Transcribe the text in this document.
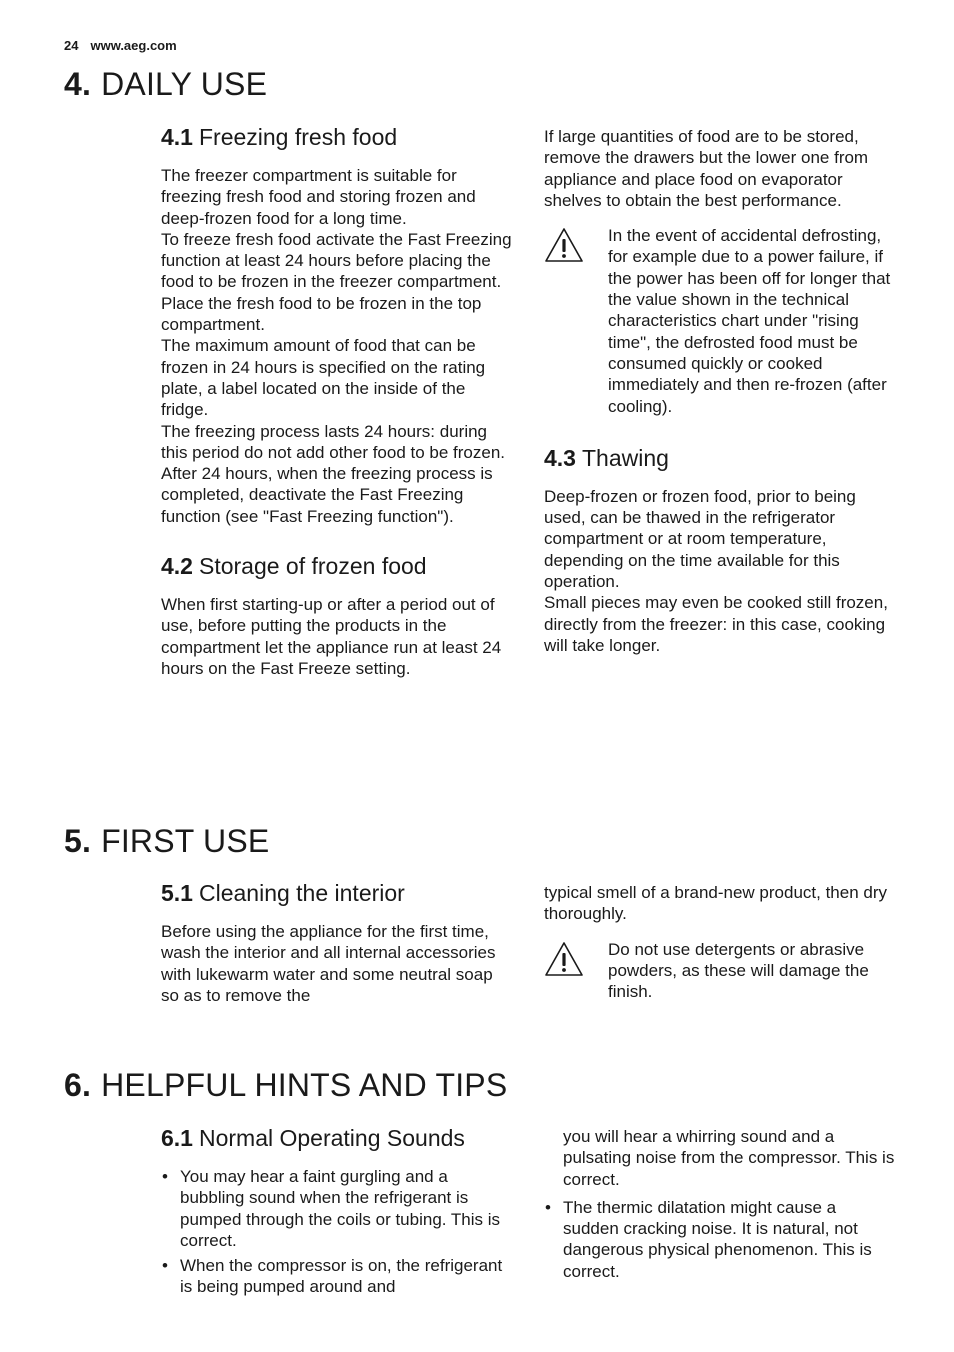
24 www.aeg.com
4. DAILY USE
4.1 Freezing fresh food

The freezer compartment is suitable for freezing fresh food and storing frozen and deep-frozen food for a long time.

To freeze fresh food activate the Fast Freezing function at least 24 hours before placing the food to be frozen in the freezer compartment.

Place the fresh food to be frozen in the top compartment.

The maximum amount of food that can be frozen in 24 hours is specified on the rating plate, a label located on the inside of the fridge.

The freezing process lasts 24 hours: during this period do not add other food to be frozen.

After 24 hours, when the freezing process is completed, deactivate the Fast Freezing function (see "Fast Freezing function").

4.2 Storage of frozen food

When first starting-up or after a period out of use, before putting the products in the compartment let the appliance run at least 24 hours on the Fast Freeze setting.

If large quantities of food are to be stored, remove the drawers but the lower one from appliance and place food on evaporator shelves to obtain the best performance.

In the event of accidental defrosting, for example due to a power failure, if the power has been off for longer that the value shown in the technical characteristics chart under "rising time", the defrosted food must be consumed quickly or cooked immediately and then re-frozen (after cooling).

4.3 Thawing

Deep-frozen or frozen food, prior to being used, can be thawed in the refrigerator compartment or at room temperature, depending on the time available for this operation.

Small pieces may even be cooked still frozen, directly from the freezer: in this case, cooking will take longer.

5. FIRST USE
5.1 Cleaning the interior

Before using the appliance for the first time, wash the interior and all internal accessories with lukewarm water and some neutral soap so as to remove the

typical smell of a brand-new product, then dry thoroughly.

Do not use detergents or abrasive powders, as these will damage the finish.

6. HELPFUL HINTS AND TIPS
6.1 Normal Operating Sounds
• You may hear a faint gurgling and a bubbling sound when the refrigerant is pumped through the coils or tubing. This is correct.
• When the compressor is on, the refrigerant is being pumped around and

you will hear a whirring sound and a pulsating noise from the compressor. This is correct.

• The thermic dilatation might cause a sudden cracking noise. It is natural, not dangerous physical phenomenon. This is correct.
